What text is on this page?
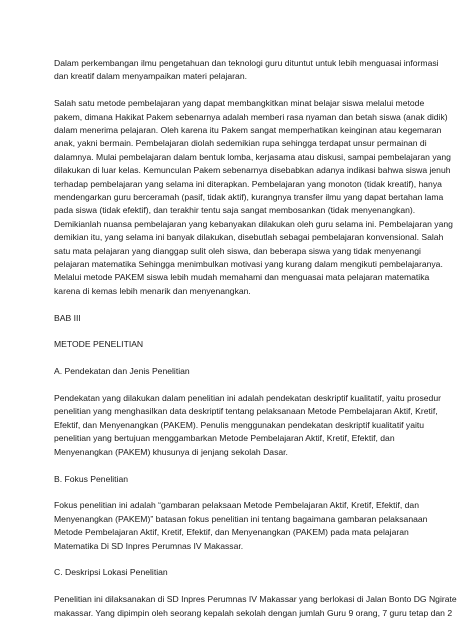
Dalam perkembangan ilmu pengetahuan dan teknologi guru dituntut untuk lebih menguasai informasi
dan kreatif dalam menyampaikan materi pelajaran.

Salah satu metode pembelajaran yang dapat membangkitkan minat belajar siswa melalui metode
pakem, dimana Hakikat Pakem sebenarnya adalah memberi rasa nyaman dan betah siswa (anak didik)
dalam menerima pelajaran. Oleh karena itu Pakem sangat memperhatikan keinginan atau kegemaran
anak, yakni bermain. Pembelajaran diolah sedemikian rupa sehingga terdapat unsur permainan di
dalamnya. Mulai pembelajaran dalam bentuk lomba, kerjasama atau diskusi, sampai pembelajaran yang
dilakukan di luar kelas. Kemunculan Pakem sebenarnya disebabkan adanya indikasi bahwa siswa jenuh
terhadap pembelajaran yang selama ini diterapkan. Pembelajaran yang monoton (tidak kreatif), hanya
mendengarkan guru berceramah (pasif, tidak aktif), kurangnya transfer ilmu yang dapat bertahan lama
pada siswa (tidak efektif), dan terakhir tentu saja sangat membosankan (tidak menyenangkan).
Demikianlah nuansa pembelajaran yang kebanyakan dilakukan oleh guru selama ini. Pembelajaran yang
demikian itu, yang selama ini banyak dilakukan, disebutlah sebagai pembelajaran konvensional. Salah
satu mata pelajaran yang dianggap sulit oleh siswa, dan beberapa siswa yang tidak menyenangi
pelajaran matematika Sehingga menimbulkan motivasi yang kurang dalam mengikuti pembelajaranya.
Melalui metode PAKEM siswa lebih mudah memahami dan menguasai mata pelajaran matematika
karena di kemas lebih menarik dan menyenangkan.

BAB III

METODE PENELITIAN

A. Pendekatan dan Jenis Penelitian

Pendekatan yang dilakukan dalam penelitian ini adalah pendekatan deskriptif kualitatif, yaitu prosedur
penelitian yang menghasilkan data deskriptif tentang pelaksanaan Metode Pembelajaran Aktif, Kretif,
Efektif, dan Menyenangkan (PAKEM). Penulis menggunakan pendekatan deskriptif kualitatif yaitu
penelitian yang bertujuan menggambarkan Metode Pembelajaran Aktif, Kretif, Efektif, dan
Menyenangkan (PAKEM) khusunya di jenjang sekolah Dasar.

B. Fokus Penelitian

Fokus penelitian ini adalah “gambaran pelaksaan Metode Pembelajaran Aktif, Kretif, Efektif, dan
Menyenangkan (PAKEM)” batasan fokus penelitian ini tentang bagaimana gambaran pelaksanaan
Metode Pembelajaran Aktif, Kretif, Efektif, dan Menyenangkan (PAKEM) pada mata pelajaran
Matematika Di SD Inpres Perumnas IV Makassar.

C. Deskripsi Lokasi Penelitian

Penelitian ini dilaksanakan di SD Inpres Perumnas IV Makassar yang berlokasi di Jalan Bonto DG Ngirate
makassar. Yang dipimpin oleh seorang kepalah sekolah dengan jumlah Guru 9 orang, 7 guru tetap dan 2
